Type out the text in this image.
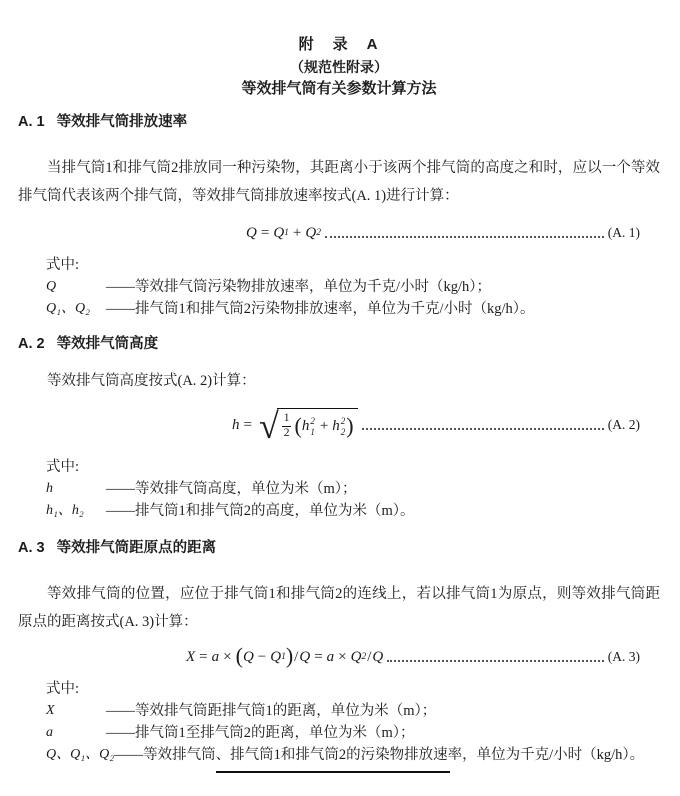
附　录　A
（规范性附录）
等效排气筒有关参数计算方法
A. 1 等效排气筒排放速率

当排气筒1和排气筒2排放同一种污染物，其距离小于该两个排气筒的高度之和时，应以一个等效排气筒代表该两个排气筒，等效排气筒排放速率按式(A. 1)进行计算：

Q = Q 1 + Q 2	(A. 1)
式中:
Q	——等效排气筒污染物排放速率，单位为千克/小时（kg/h）；
Q₁、Q₂	——排气筒1和排气筒2污染物排放速率，单位为千克/小时（kg/h）。
A. 2 等效排气筒高度
等效排气筒高度按式(A. 2)计算：
h = √ $\frac{1}{2}$ ( h 2
1 + h 2
2 )	(A. 2)
式中:
h	——等效排气筒高度，单位为米（m）；
h₁、h₂	——排气筒1和排气筒2的高度，单位为米（m）。
A. 3 等效排气筒距原点的距离

等效排气筒的位置，应位于排气筒1和排气筒2的连线上，若以排气筒1为原点，则等效排气筒距原点的距离按式(A. 3)计算：

X = a × ( Q − Q 1 ) / Q = a × Q 2 / Q	(A. 3)
式中:
X	——等效排气筒距排气筒1的距离，单位为米（m）；
a	——排气筒1至排气筒2的距离，单位为米（m）；
Q、Q₁、Q₂ ——等效排气筒、排气筒1和排气筒2的污染物排放速率，单位为千克/小时（kg/h）。
